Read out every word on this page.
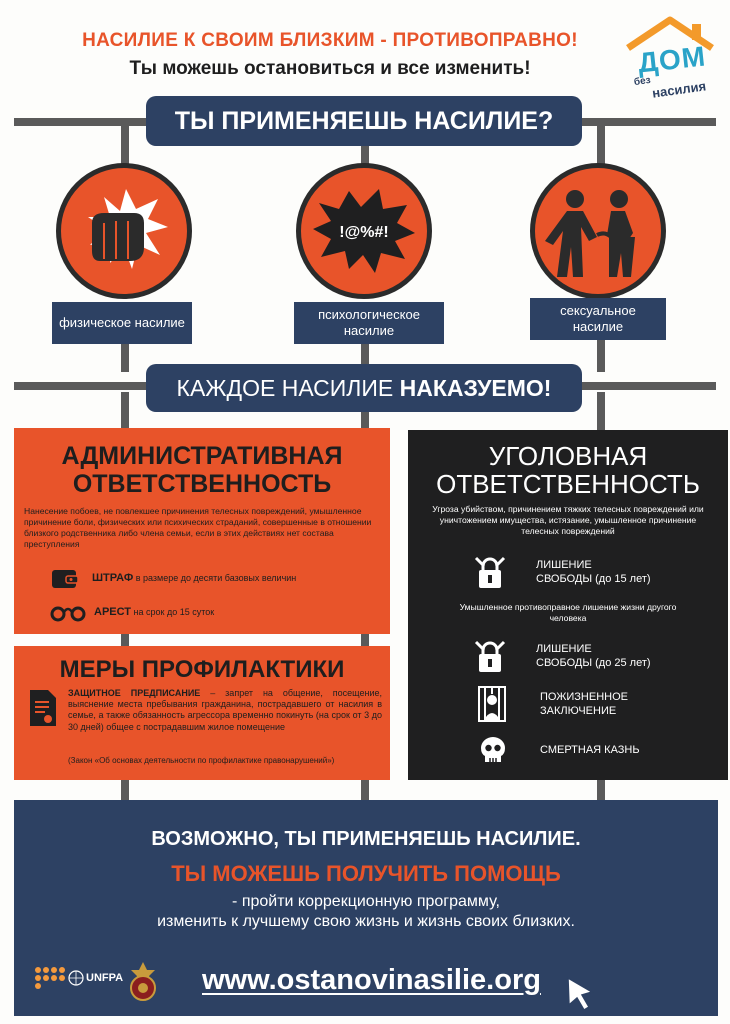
НАСИЛИЕ К СВОИМ БЛИЗКИМ - ПРОТИВОПРАВНО!
Ты можешь остановиться и все изменить!	ДОМ
без насилия
ТЫ ПРИМЕНЯЕШЬ НАСИЛИЕ?
!@%#!
физическое насилие
психологическое насилие
сексуальное насилие
КАЖДОЕ НАСИЛИЕ НАКАЗУЕМО!
АДМИНИСТРАТИВНАЯ
ОТВЕТСТВЕННОСТЬ
Нанесение побоев, не повлекшее причинения телесных повреждений, умышленное причинение боли, физических или психических страданий, совершенные в отношении близкого родственника либо члена семьи, если в этих действиях нет состава преступления
ШТРАФ в размере до десяти базовых величин
АРЕСТ на срок до 15 суток
МЕРЫ ПРОФИЛАКТИКИ
ЗАЩИТНОЕ ПРЕДПИСАНИЕ – запрет на общение, посещение, выяснение места пребывания гражданина, пострадавшего от насилия в семье, а также обязанность агрессора временно покинуть (на срок от 3 до 30 дней) общее с пострадавшим жилое помещение
(Закон «Об основах деятельности по профилактике правонарушений»)
УГОЛОВНАЯ
ОТВЕТСТВЕННОСТЬ
Угроза убийством, причинением тяжких телесных повреждений или уничтожением имущества, истязание, умышленное причинение телесных повреждений
ЛИШЕНИЕ
СВОБОДЫ (до 15 лет)
Умышленное противоправное лишение жизни другого человека
ЛИШЕНИЕ
СВОБОДЫ (до 25 лет)
ПОЖИЗНЕННОЕ
ЗАКЛЮЧЕНИЕ
СМЕРТНАЯ КАЗНЬ
ВОЗМОЖНО, ТЫ ПРИМЕНЯЕШЬ НАСИЛИЕ.
ТЫ МОЖЕШЬ ПОЛУЧИТЬ ПОМОЩЬ
- пройти коррекционную программу,
изменить к лучшему свою жизнь и жизнь своих близких.
UNFPA	www.ostanovinasilie.org
